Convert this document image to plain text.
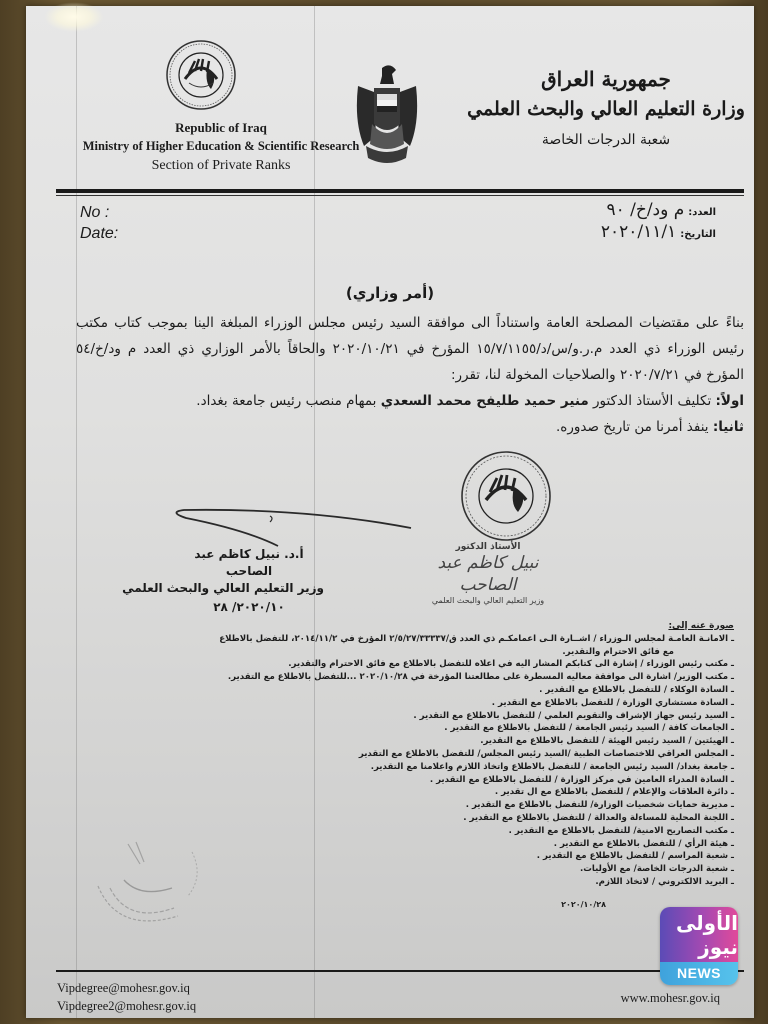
Republic of Iraq
Ministry of Higher Education & Scientific Research
Section of Private Ranks
جمهورية العراق
وزارة التعليم العالي والبحث العلمي
شعبة الدرجات الخاصة
No :
Date:
العدد:
م ود/خ/ ٩٠
التاريخ:
٢٠٢٠/١١/١
(أمر وزاري)

بناءً على مقتضيات المصلحة العامة واستناداً الى موافقة السيد رئيس مجلس الوزراء المبلغة الينا بموجب كتاب مكتب رئيس الوزراء ذي العدد م.ر.و/س/د/١٥/٧/١١٥٥ المؤرخ في ٢٠٢٠/١٠/٢١ والحاقاً بالأمر الوزاري ذي العدد م ود/خ/٥٤ المؤرخ في ٢٠٢٠/٧/٢١ والصلاحيات المخولة لنا، تقرر:

اولاً: تكليف الأستاذ الدكتور منير حميد طليفح محمد السعدي بمهام منصب رئيس جامعة بغداد.

ثانيا: ينفذ أمرنا من تاريخ صدوره.

أ.د. نبيل كاظم عبد الصاحب
وزير التعليم العالي والبحث العلمي
٢٠٢٠/١٠/ ٢٨
الأستاذ الدكتور
نبيل كاظم عبد الصاحب
وزير التعليم العالي والبحث العلمي
صورة عنه إلى:
ـ الامانـة العامـة لمجلس الـوزراء / اشــارة الـى اعمامكـم ذي العدد ق/٢/٥/٢٧/٣٣٣٣٧ المؤرخ في ٢٠١٤/١١/٢، للتفضل بالاطلاع
مع فائق الاحترام والتقدير.
ـ مكتب رئيس الوزراء / إشارة الى كتابكم المشار اليه في اعلاه للتفضل بالاطلاع مع فائق الاحترام والتقدير.
ـ مكتب الوزير/ اشارة الى موافقة معاليه المسطرة على مطالعتنا المؤرخة في ٢٠٢٠/١٠/٢٨ ...للتفضل بالاطلاع مع التقدير.
ـ السادة الوكلاء / للتفضل بالاطلاع مع التقدير .
ـ السادة مستشاري الوزارة / للتفضل بالاطلاع مع التقدير .
ـ السيد رئيس جهاز الإشراف والتقويم العلمي / للتفضل بالاطلاع مع التقدير .
ـ الجامعات كافة / السيد رئيس الجامعة / للتفضل بالاطلاع مع التقدير .
ـ الهيئتين / السيد رئيس الهيئة / للتفضل بالاطلاع مع التقدير.
ـ المجلس العراقي للاختصاصات الطبية /السيد رئيس المجلس/ للتفضل بالاطلاع مع التقدير
ـ جامعة بغداد/ السيد رئيس الجامعة / للتفضل بالاطلاع واتخاذ اللازم واعلامنا مع التقدير.
ـ السادة المدراء العامين في مركز الوزارة / للتفضل بالاطلاع مع التقدير .
ـ دائرة العلاقات والإعلام / للتفضل بالاطلاع مع ال تقدير .
ـ مديرية حمايات شخصيات الوزارة/ للتفضل بالاطلاع مع التقدير .
ـ اللجنة المحلية للمساءلة والعدالة / للتفضل بالاطلاع مع التقدير .
ـ مكتب التصاريح الامنية/ للتفضل بالاطلاع مع التقدير .
ـ هيئة الرأي / للتفضل بالاطلاع مع التقدير .
ـ شعبة المراسم / للتفضل بالاطلاع مع التقدير .
ـ شعبة الدرجات الخاصة/ مع الأوليات.
ـ البريد الالكتروني / لاتخاذ اللازم.
٢٠٢٠/١٠/٢٨
Vipdegree@mohesr.gov.iq
Vipdegree2@mohesr.gov.iq
www.mohesr.gov.iq
الأولى نيوز
NEWS
